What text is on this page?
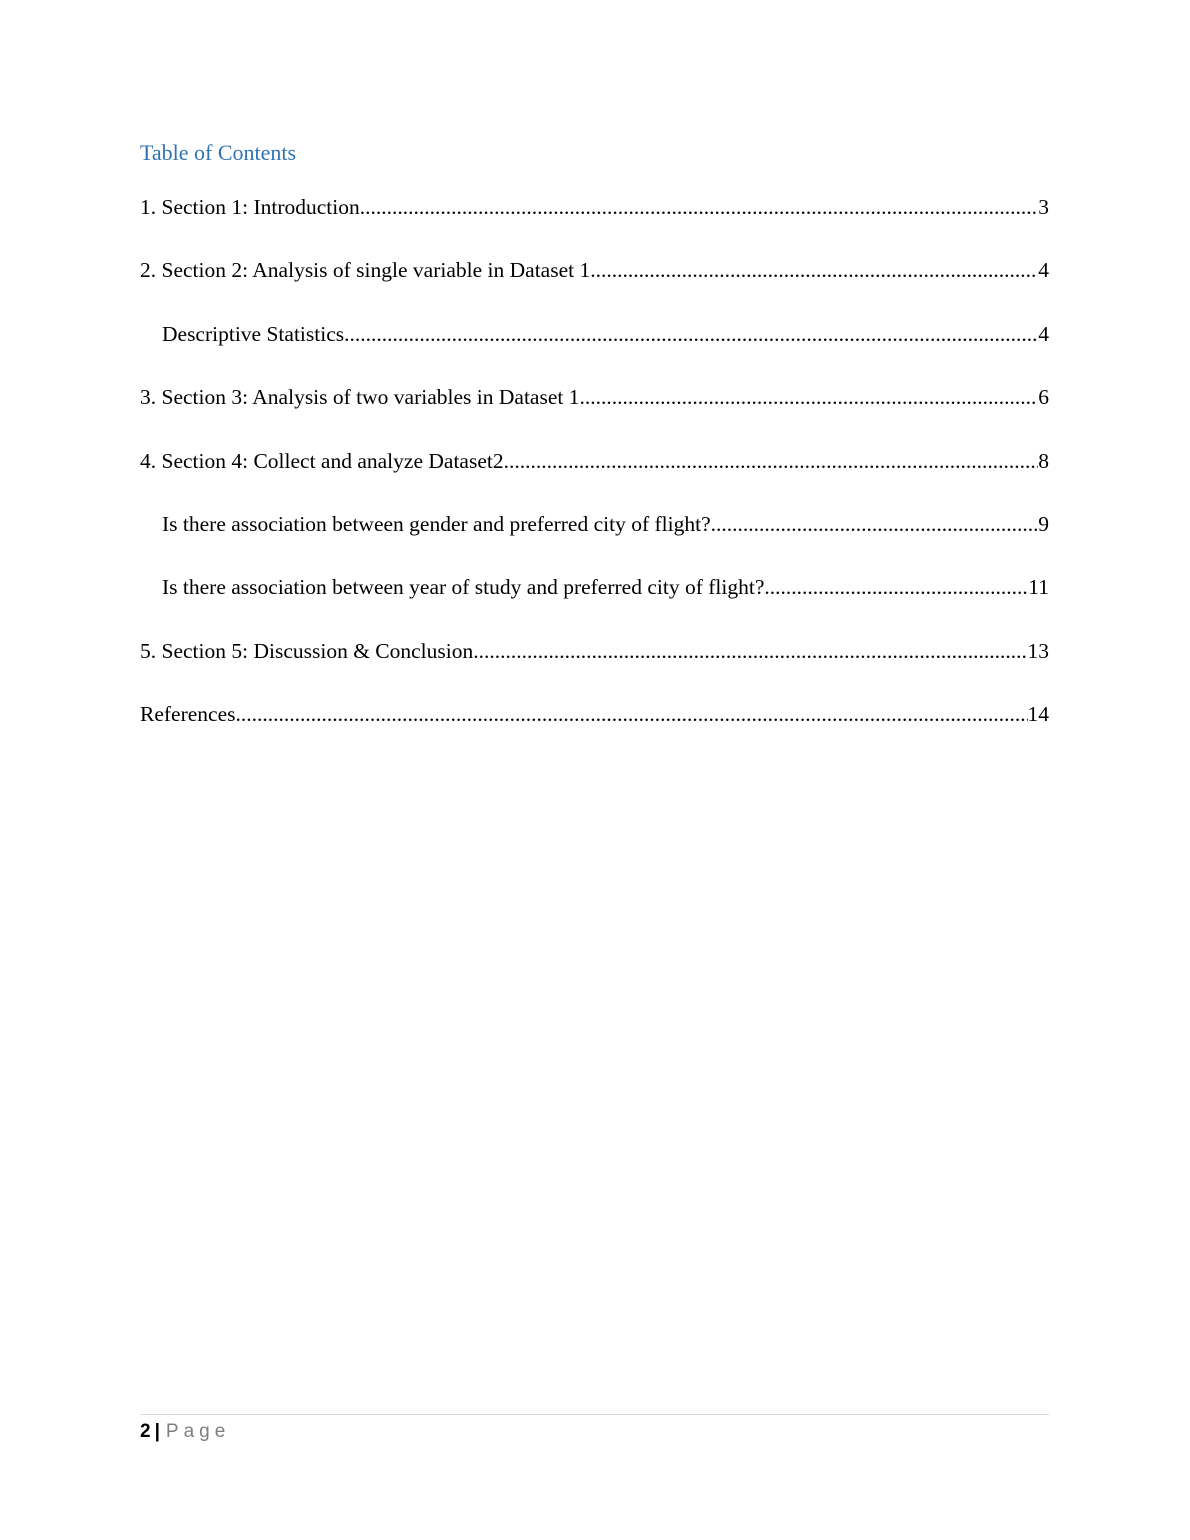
Table of Contents
1. Section 1: Introduction .....	3
2. Section 2: Analysis of single variable in Dataset 1 .....	4
Descriptive Statistics .....	4
3. Section 3: Analysis of two variables in Dataset 1 .....	6
4. Section 4: Collect and analyze Dataset2 .....	8
Is there association between gender and preferred city of flight? .....	9
Is there association between year of study and preferred city of flight? .....	11
5. Section 5: Discussion & Conclusion .....	13
References .....	14
2 | Page
